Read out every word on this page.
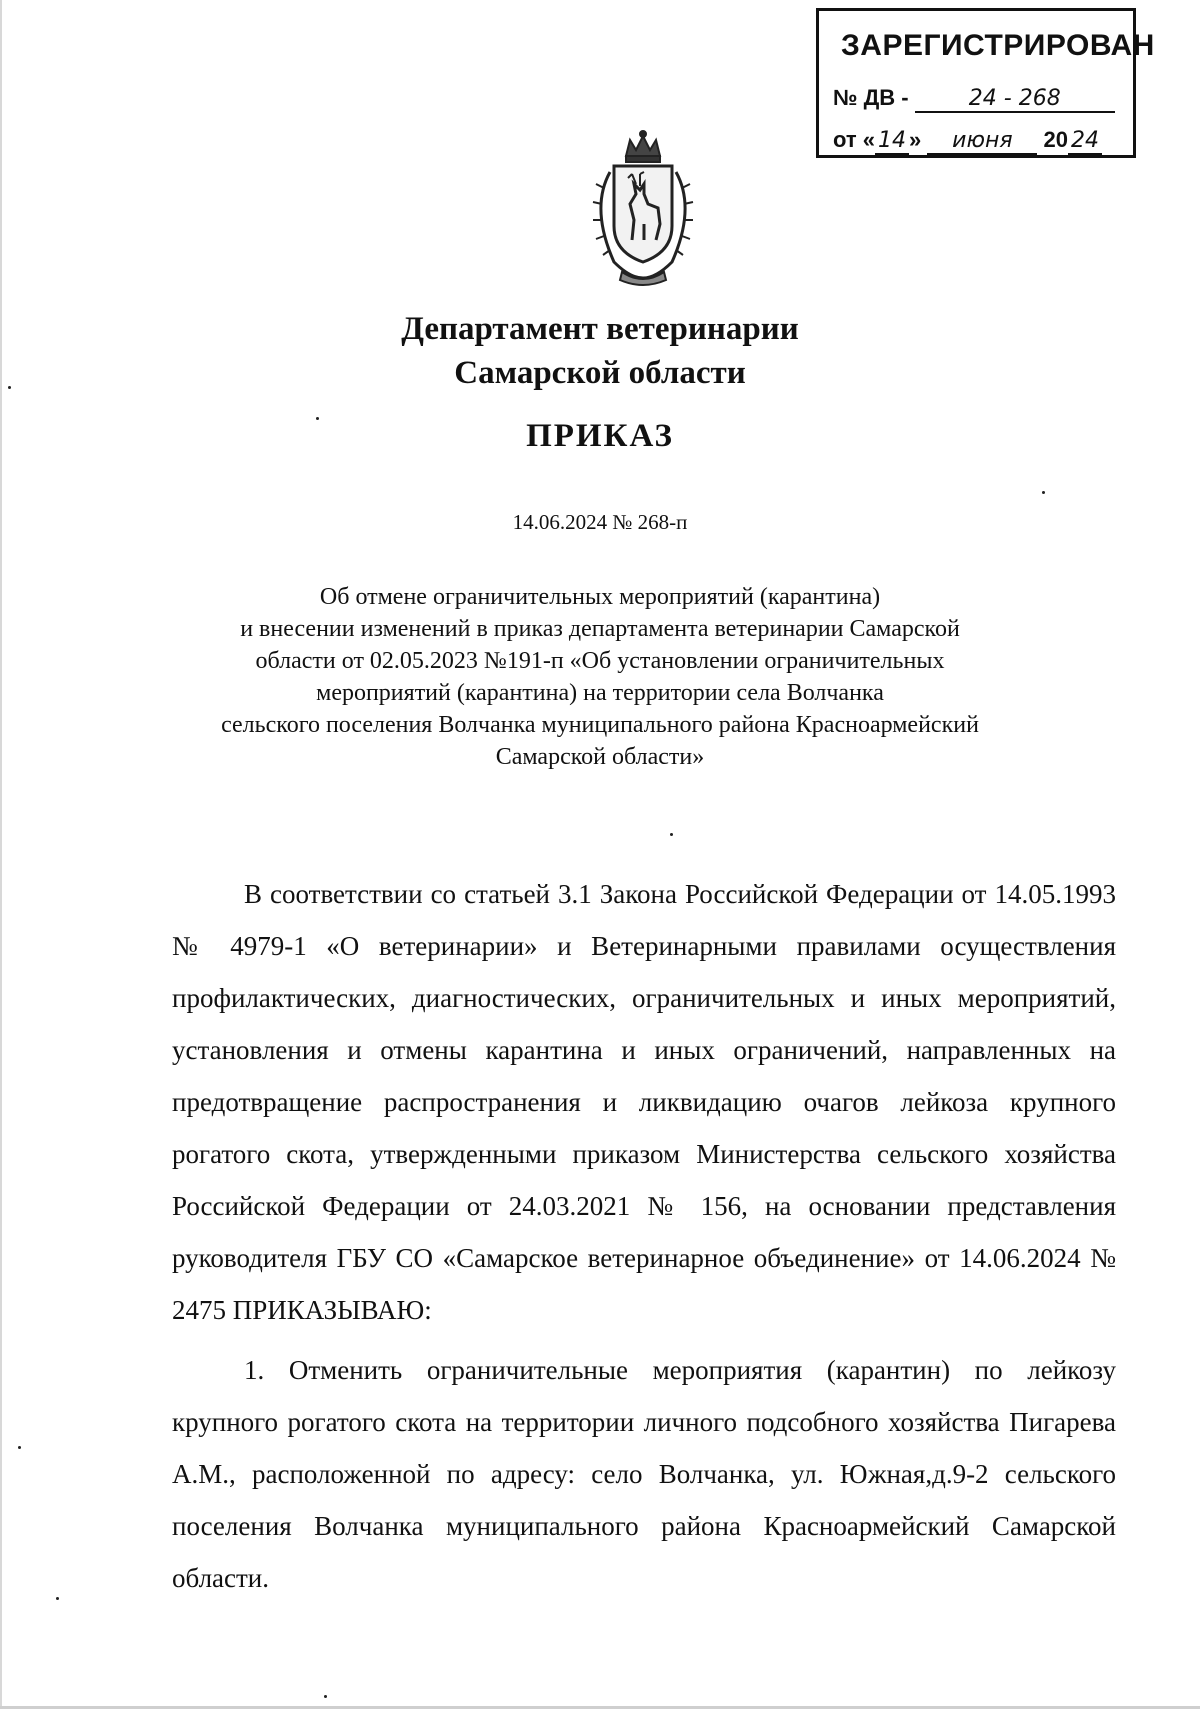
ЗАРЕГИСТРИРОВАН
№ ДВ -	24 - 268
от « 14 » июня 20 24
Департамент ветеринарии
Самарской области
ПРИКАЗ
14.06.2024 № 268-п
Об отмене ограничительных мероприятий (карантина)
и внесении изменений в приказ департамента ветеринарии Самарской
области от 02.05.2023 №191-п «Об установлении ограничительных
мероприятий (карантина) на территории села Волчанка
сельского поселения Волчанка муниципального района Красноармейский
Самарской области»

В соответствии со статьей 3.1 Закона Российской Федерации от 14.05.1993 № 4979-1 «О ветеринарии» и Ветеринарными правилами осуществления профилактических, диагностических, ограничительных и иных мероприятий, установления и отмены карантина и иных ограничений, направленных на предотвращение распространения и ликвидацию очагов лейкоза крупного рогатого скота, утвержденными приказом Министерства сельского хозяйства Российской Федерации от 24.03.2021 № 156, на основании представления руководителя ГБУ СО «Самарское ветеринарное объединение» от 14.06.2024 № 2475 ПРИКАЗЫВАЮ:

1. Отменить ограничительные мероприятия (карантин) по лейкозу крупного рогатого скота на территории личного подсобного хозяйства Пигарева А.М., расположенной по адресу: село Волчанка, ул. Южная,д.9-2 сельского поселения Волчанка муниципального района Красноармейский Самарской области.
